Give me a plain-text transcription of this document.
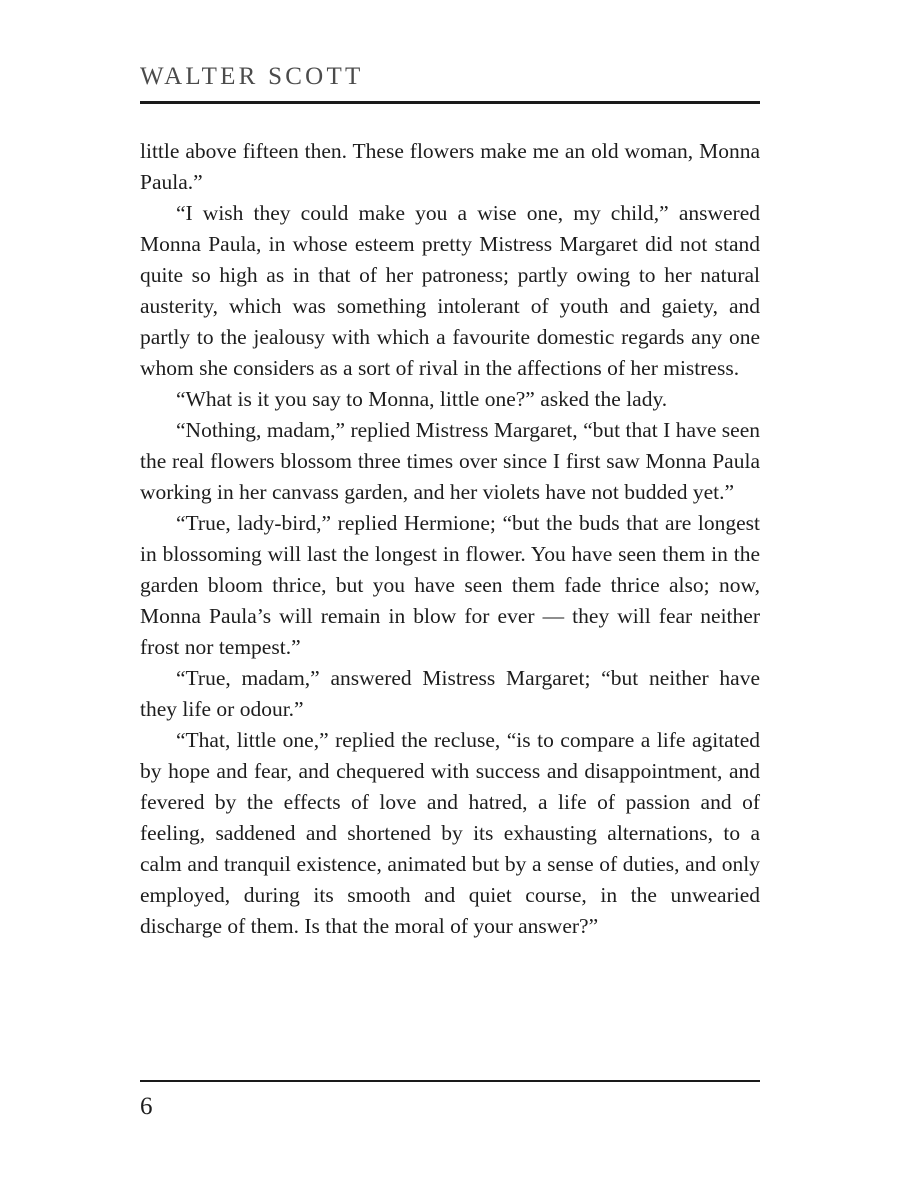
WALTER SCOTT

little above fifteen then. These flowers make me an old woman, Monna Paula.”

“I wish they could make you a wise one, my child,” answered Monna Paula, in whose esteem pretty Mistress Margaret did not stand quite so high as in that of her patroness; partly owing to her natural austerity, which was something intolerant of youth and gaiety, and partly to the jealousy with which a favourite domestic regards any one whom she considers as a sort of rival in the affections of her mistress.

“What is it you say to Monna, little one?” asked the lady.

“Nothing, madam,” replied Mistress Margaret, “but that I have seen the real flowers blossom three times over since I first saw Monna Paula working in her canvass garden, and her violets have not budded yet.”

“True, lady-bird,” replied Hermione; “but the buds that are longest in blossoming will last the longest in flower. You have seen them in the garden bloom thrice, but you have seen them fade thrice also; now, Monna Paula’s will remain in blow for ever — they will fear neither frost nor tempest.”

“True, madam,” answered Mistress Margaret; “but neither have they life or odour.”

“That, little one,” replied the recluse, “is to compare a life agitated by hope and fear, and chequered with success and disappointment, and fevered by the effects of love and hatred, a life of passion and of feeling, saddened and shortened by its exhausting alternations, to a calm and tranquil existence, animated but by a sense of duties, and only employed, during its smooth and quiet course, in the unwearied discharge of them. Is that the moral of your answer?”

6
